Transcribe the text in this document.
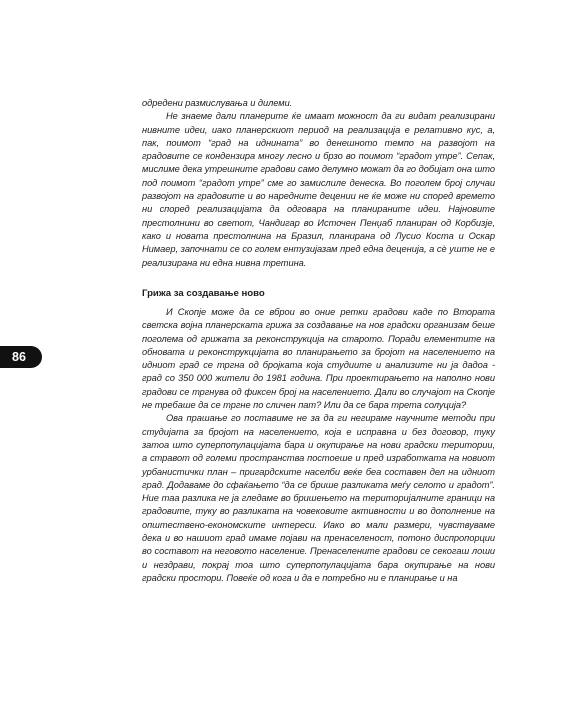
86

одредени размислувања и дилеми.

Не знаеме дали планерите ќе имаат можност да ги видат реализирани нивните идеи, иако планерскиот период на реализација е релативно кус, а, пак, поимот “град на иднината” во денешното темпо на развојот на градовите се кондензира многу лесно и брзо во поимот “градот утре”. Сепак, мислиме дека утрешните градови само делумно можат да го добијат она што под поимот “градот утре” сме го замислиле денеска. Во поголем број случаи развојот на градовите и во наредните децении не ќе може ни според времето ни според реализацијата да одговара на планираните идеи. Најновите престолнини во светот, Чандигар во Источен Пенџаб планиран од Корбизје, како и новата престолнина на Бразил, планирана од Лусио Коста и Оскар Нимаер, започнати се со голем ентузијазам пред една деценија, а сè уште не е реализирана ни една нивна третина.

Грижа за создавање ново

И Скопје може да се вброи во оние ретки градови каде по Втората светска војна планерската грижа за создавање на нов градски организам беше поголема од грижата за реконструкција на старото. Поради елементите на обновата и реконструкцијата во планирањето за бројот на населението на идниот град се тргна од бројката која студиите и анализите ни ја дадоа - град со 350 000 жители до 1981 година. При проектирањето на наполно нови градови се тргнува од фиксен број на населението. Дали во случајот на Скопје не требаше да се тргне по сличен пат? Или да се бара трета солуција?

Ова прашање го поставиме не за да ги негираме научните методи при студијата за бројот на населението, која е исправна и без договор, туку затоа што суперпопулацијата бара и окупирање на нови градски територии, а стравот од големи пространства постоеше и пред изработката на новиот урбанистички план – пригардските населби веќе беа составен дел на идниот град. Додаваме до сфаќањето “да се брише разликата меѓу селото и градот”. Ние таа разлика не ја гледаме во бришењето на територијалните граници на градовите, туку во разликата на човековите активности и во дополнение на општествено-економските интереси. Иако во мали размери, чувствуваме дека и во нашиот град имаме појави на пренаселеност, потоно диспропорции во составот на неговото население. Пренаселените градови се секогаш лоши и нездрави, покрај тоа што суперпопулацијата бара окупирање на нови градски простори. Повеќе од кога и да е потребно ни е планирање и на
